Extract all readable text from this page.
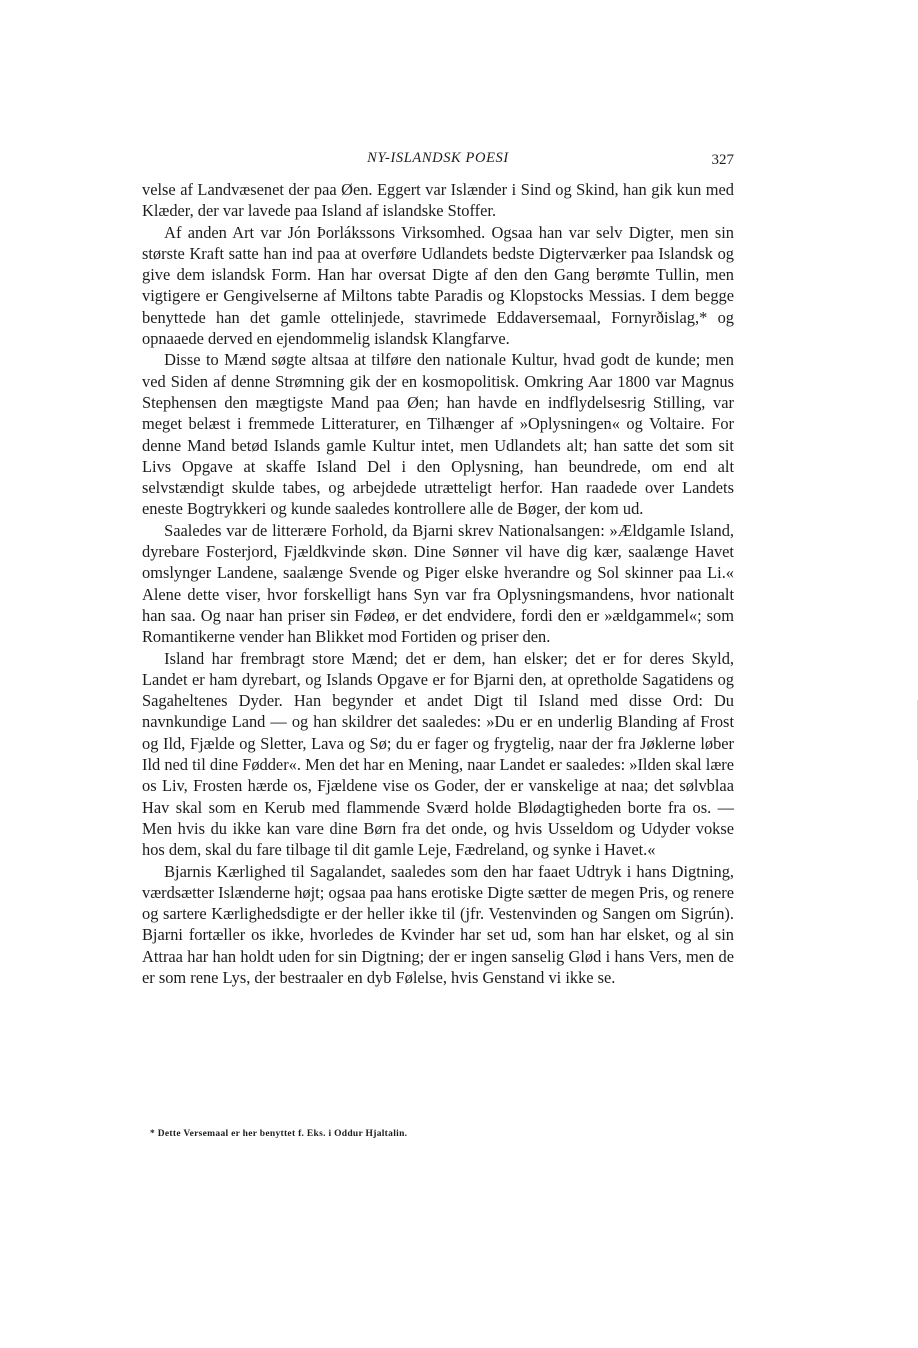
NY-ISLANDSK POESI	327

velse af Landvæsenet der paa Øen. Eggert var Islænder i Sind og Skind, han gik kun med Klæder, der var lavede paa Island af islandske Stoffer.

Af anden Art var Jón Þorlákssons Virksomhed. Ogsaa han var selv Digter, men sin største Kraft satte han ind paa at overføre Udlandets bedste Digterværker paa Islandsk og give dem islandsk Form. Han har oversat Digte af den den Gang berømte Tullin, men vigtigere er Gengivelserne af Miltons tabte Paradis og Klopstocks Messias. I dem begge benyttede han det gamle ottelinjede, stavrimede Eddaversemaal, Fornyrðislag,* og opnaaede derved en ejendommelig islandsk Klangfarve.

Disse to Mænd søgte altsaa at tilføre den nationale Kultur, hvad godt de kunde; men ved Siden af denne Strømning gik der en kosmopolitisk. Omkring Aar 1800 var Magnus Stephensen den mægtigste Mand paa Øen; han havde en indflydelsesrig Stilling, var meget belæst i fremmede Litteraturer, en Tilhænger af »Oplysningen« og Voltaire. For denne Mand betød Islands gamle Kultur intet, men Udlandets alt; han satte det som sit Livs Opgave at skaffe Island Del i den Oplysning, han beundrede, om end alt selvstændigt skulde tabes, og arbejdede utrætteligt herfor. Han raadede over Landets eneste Bogtrykkeri og kunde saaledes kontrollere alle de Bøger, der kom ud.

Saaledes var de litterære Forhold, da Bjarni skrev Nationalsangen: »Ældgamle Island, dyrebare Fosterjord, Fjældkvinde skøn. Dine Sønner vil have dig kær, saalænge Havet omslynger Landene, saalænge Svende og Piger elske hverandre og Sol skinner paa Li.« Alene dette viser, hvor forskelligt hans Syn var fra Oplysningsmandens, hvor nationalt han saa. Og naar han priser sin Fødeø, er det endvidere, fordi den er »ældgammel«; som Romantikerne vender han Blikket mod Fortiden og priser den.

Island har frembragt store Mænd; det er dem, han elsker; det er for deres Skyld, Landet er ham dyrebart, og Islands Opgave er for Bjarni den, at opretholde Sagatidens og Sagaheltenes Dyder. Han begynder et andet Digt til Island med disse Ord: Du navnkundige Land — og han skildrer det saaledes: »Du er en underlig Blanding af Frost og Ild, Fjælde og Sletter, Lava og Sø; du er fager og frygtelig, naar der fra Jøklerne løber Ild ned til dine Fødder«. Men det har en Mening, naar Landet er saaledes: »Ilden skal lære os Liv, Frosten hærde os, Fjældene vise os Goder, der er vanskelige at naa; det sølvblaa Hav skal som en Kerub med flammende Sværd holde Blødagtigheden borte fra os. — Men hvis du ikke kan vare dine Børn fra det onde, og hvis Usseldom og Udyder vokse hos dem, skal du fare tilbage til dit gamle Leje, Fædreland, og synke i Havet.«

Bjarnis Kærlighed til Sagalandet, saaledes som den har faaet Udtryk i hans Digtning, værdsætter Islænderne højt; ogsaa paa hans erotiske Digte sætter de megen Pris, og renere og sartere Kærlighedsdigte er der heller ikke til (jfr. Vestenvinden og Sangen om Sigrún). Bjarni fortæller os ikke, hvorledes de Kvinder har set ud, som han har elsket, og al sin Attraa har han holdt uden for sin Digtning; der er ingen sanselig Glød i hans Vers, men de er som rene Lys, der bestraaler en dyb Følelse, hvis Genstand vi ikke se.

* Dette Versemaal er her benyttet f. Eks. i Oddur Hjaltalin.
